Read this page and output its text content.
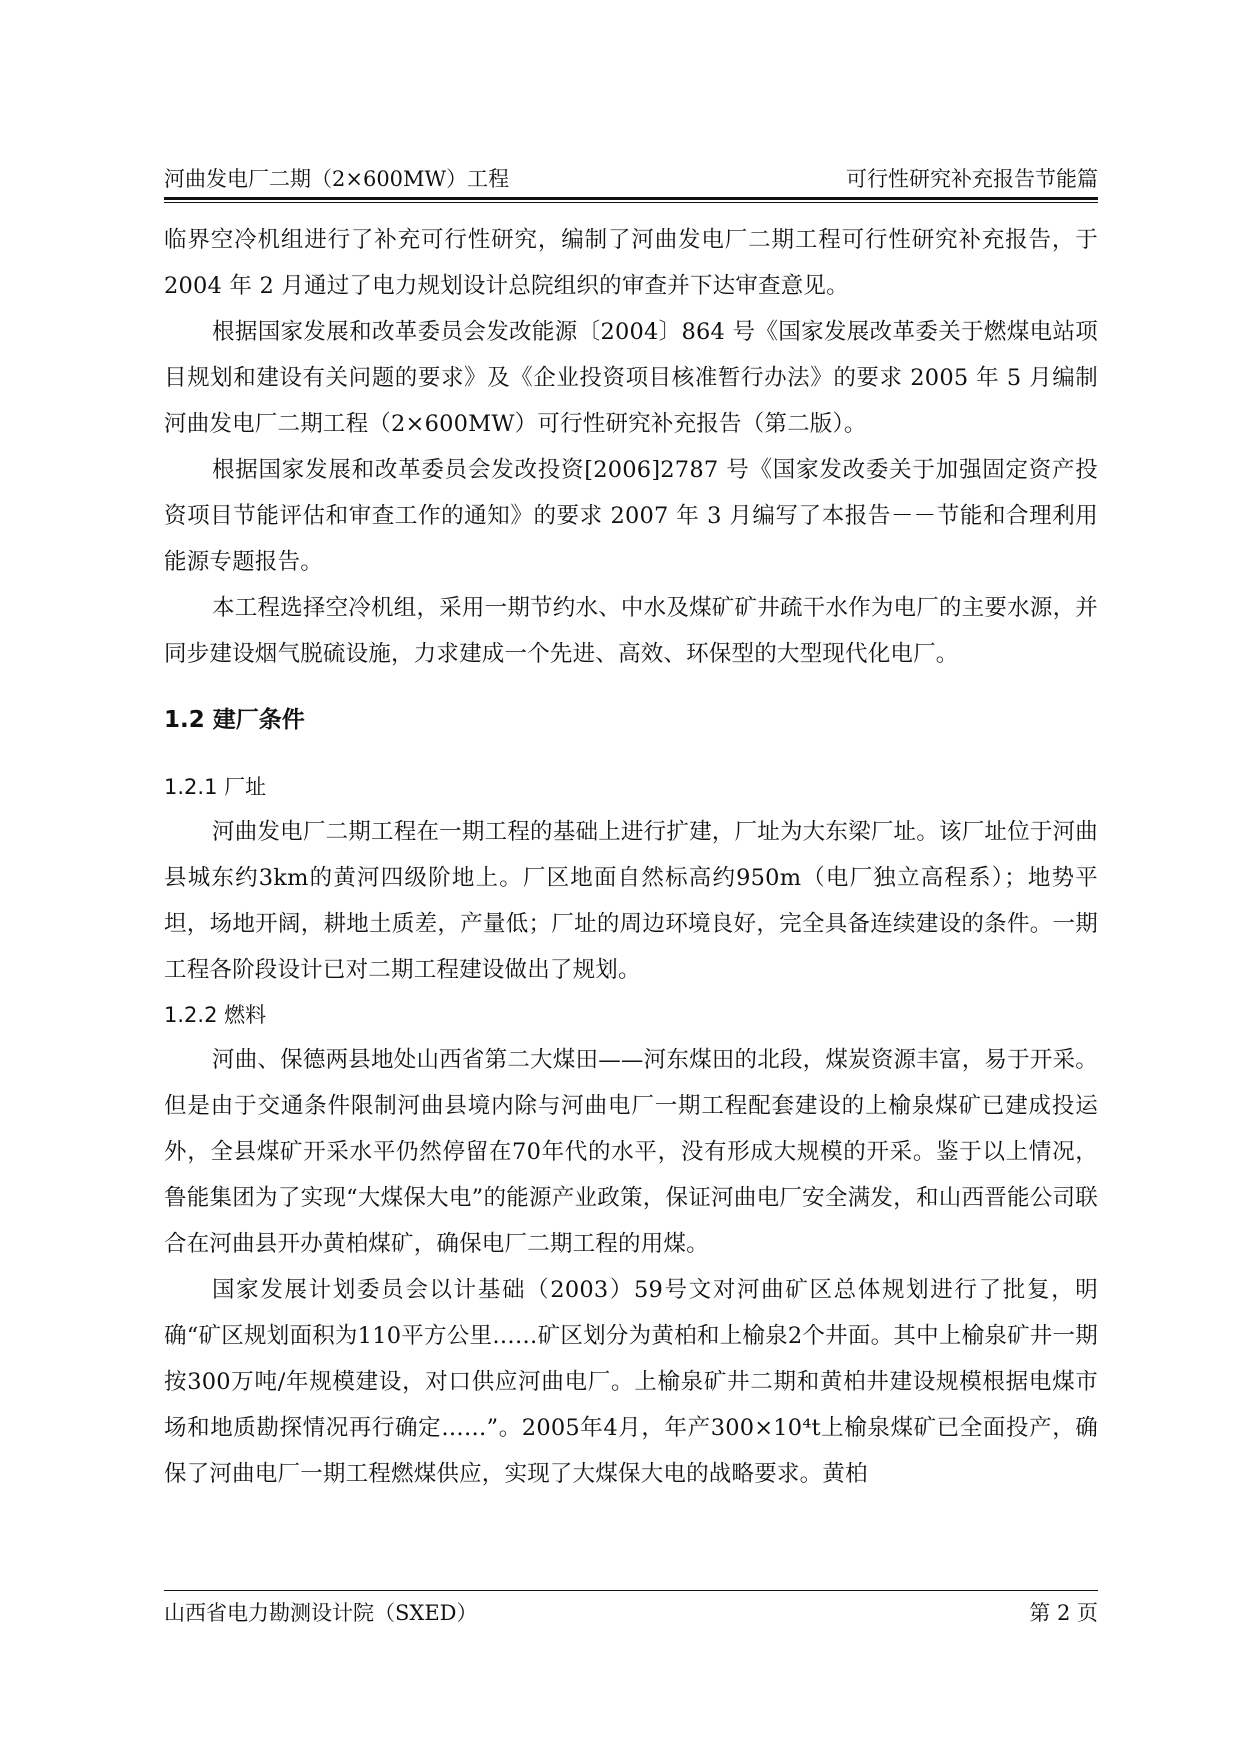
河曲发电厂二期（2×600MW）工程	可行性研究补充报告节能篇

临界空冷机组进行了补充可行性研究，编制了河曲发电厂二期工程可行性研究补充报告，于 2004 年 2 月通过了电力规划设计总院组织的审查并下达审查意见。

根据国家发展和改革委员会发改能源〔2004〕864 号《国家发展改革委关于燃煤电站项目规划和建设有关问题的要求》及《企业投资项目核准暂行办法》的要求 2005 年 5 月编制河曲发电厂二期工程（2×600MW）可行性研究补充报告（第二版）。

根据国家发展和改革委员会发改投资[2006]2787 号《国家发改委关于加强固定资产投资项目节能评估和审查工作的通知》的要求 2007 年 3 月编写了本报告－－节能和合理利用能源专题报告。

本工程选择空冷机组，采用一期节约水、中水及煤矿矿井疏干水作为电厂的主要水源，并同步建设烟气脱硫设施，力求建成一个先进、高效、环保型的大型现代化电厂。

1.2 建厂条件
1.2.1 厂址

河曲发电厂二期工程在一期工程的基础上进行扩建，厂址为大东梁厂址。该厂址位于河曲县城东约3km的黄河四级阶地上。厂区地面自然标高约950m（电厂独立高程系）；地势平坦，场地开阔，耕地土质差，产量低；厂址的周边环境良好，完全具备连续建设的条件。一期工程各阶段设计已对二期工程建设做出了规划。

1.2.2 燃料

河曲、保德两县地处山西省第二大煤田——河东煤田的北段，煤炭资源丰富，易于开采。但是由于交通条件限制河曲县境内除与河曲电厂一期工程配套建设的上榆泉煤矿已建成投运外，全县煤矿开采水平仍然停留在70年代的水平，没有形成大规模的开采。鉴于以上情况，鲁能集团为了实现“大煤保大电”的能源产业政策，保证河曲电厂安全满发，和山西晋能公司联合在河曲县开办黄柏煤矿，确保电厂二期工程的用煤。

国家发展计划委员会以计基础（2003）59号文对河曲矿区总体规划进行了批复，明确“矿区规划面积为110平方公里……矿区划分为黄柏和上榆泉2个井面。其中上榆泉矿井一期按300万吨/年规模建设，对口供应河曲电厂。上榆泉矿井二期和黄柏井建设规模根据电煤市场和地质勘探情况再行确定……”。2005年4月，年产300×10⁴t上榆泉煤矿已全面投产，确保了河曲电厂一期工程燃煤供应，实现了大煤保大电的战略要求。黄柏

山西省电力勘测设计院（SXED）	第 2 页
